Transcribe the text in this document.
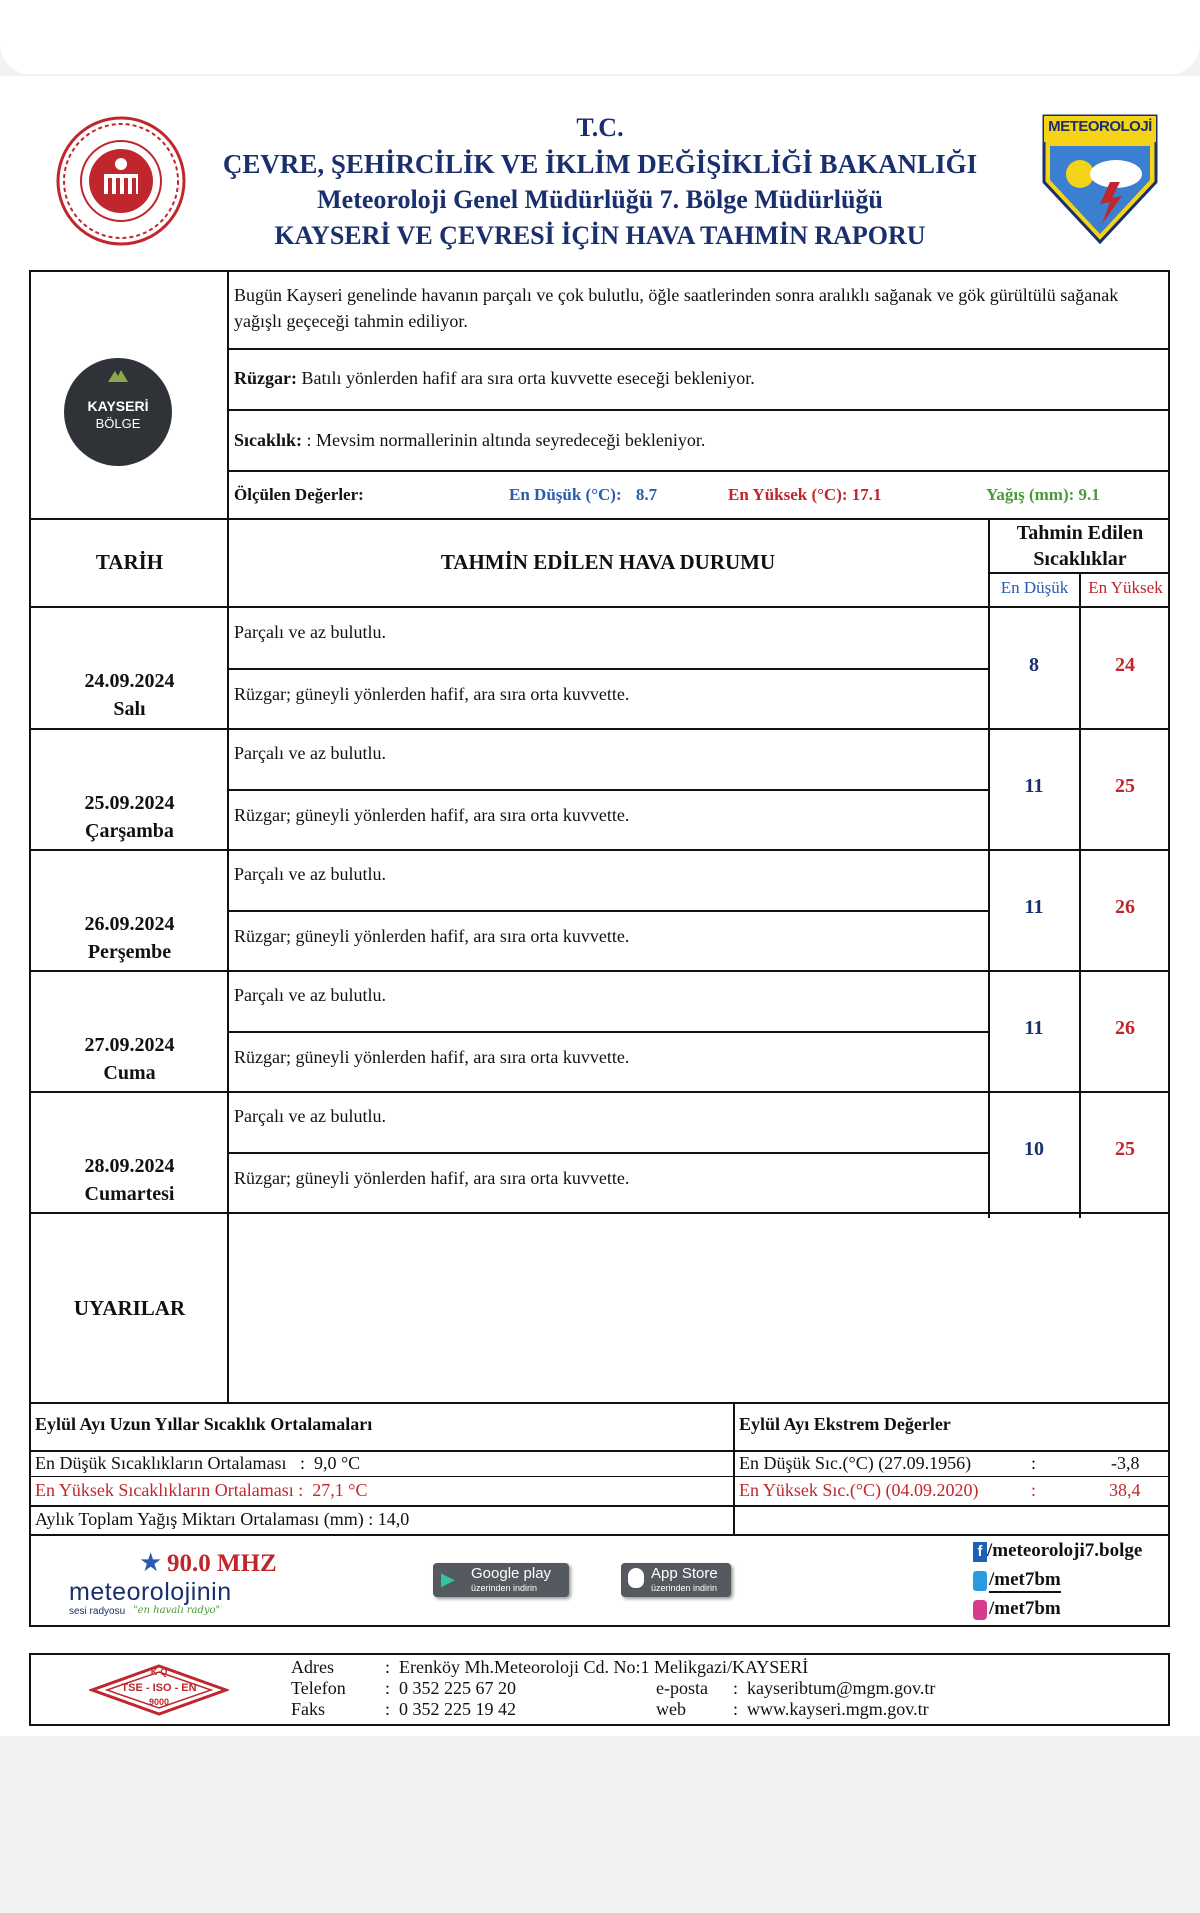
T.C.
ÇEVRE, ŞEHİRCİLİK VE İKLİM DEĞİŞİKLİĞİ BAKANLIĞI
Meteoroloji Genel Müdürlüğü 7. Bölge Müdürlüğü
KAYSERİ VE ÇEVRESİ İÇİN HAVA TAHMİN RAPORU
METEOROLOJİ
KAYSERİ
BÖLGE
Bugün Kayseri genelinde havanın parçalı ve çok bulutlu, öğle saatlerinden sonra aralıklı sağanak ve gök gürültülü sağanak yağışlı geçeceği tahmin ediliyor.
Rüzgar: Batılı yönlerden hafif ara sıra orta kuvvette eseceği bekleniyor.
Sıcaklık: : Mevsim normallerinin altında seyredeceği bekleniyor.
Ölçülen Değerler:	En Düşük (°C): 8.7	En Yüksek (°C): 17.1	Yağış (mm): 9.1
TARİH	TAHMİN EDİLEN HAVA DURUMU
Tahmin Edilen
Sıcaklıklar
En Düşük	En Yüksek
24.09.2024
Salı
Parçalı ve az bulutlu.
Rüzgar; güneyli yönlerden hafif, ara sıra orta kuvvette.
8	24
25.09.2024
Çarşamba
Parçalı ve az bulutlu.
Rüzgar; güneyli yönlerden hafif, ara sıra orta kuvvette.
11	25
26.09.2024
Perşembe
Parçalı ve az bulutlu.
Rüzgar; güneyli yönlerden hafif, ara sıra orta kuvvette.
11	26
27.09.2024
Cuma
Parçalı ve az bulutlu.
Rüzgar; güneyli yönlerden hafif, ara sıra orta kuvvette.
11	26
28.09.2024
Cumartesi
Parçalı ve az bulutlu.
Rüzgar; güneyli yönlerden hafif, ara sıra orta kuvvette.
10	25
UYARILAR
Eylül Ayı Uzun Yıllar Sıcaklık Ortalamaları	Eylül Ayı Ekstrem Değerler
En Düşük Sıcaklıkların Ortalaması   :  9,0 °C	En Düşük Sıc.(°C) (27.09.1956)	:	-3,8
En Yüksek Sıcaklıkların Ortalaması :  27,1 °C	En Yüksek Sıc.(°C) (04.09.2020)	:	38,4
Aylık Toplam Yağış Miktarı Ortalaması (mm) : 14,0
★ 90.0 MHZ
meteorolojinin
sesi radyosu "en havalı radyo"
▶ Google play
üzerinden indirin
App Store
üzerinden indirin
f /meteoroloji7.bolge
/met7bm
/met7bm
K-Q
TSE - ISO - EN
9000
Adres	:  Erenköy Mh.Meteoroloji Cd. No:1 Melikgazi/KAYSERİ
Telefon :  0 352 225 67 20
Faks	:  0 352 225 19 42
e-posta :  kayseribtum@mgm.gov.tr
web	:  www.kayseri.mgm.gov.tr
